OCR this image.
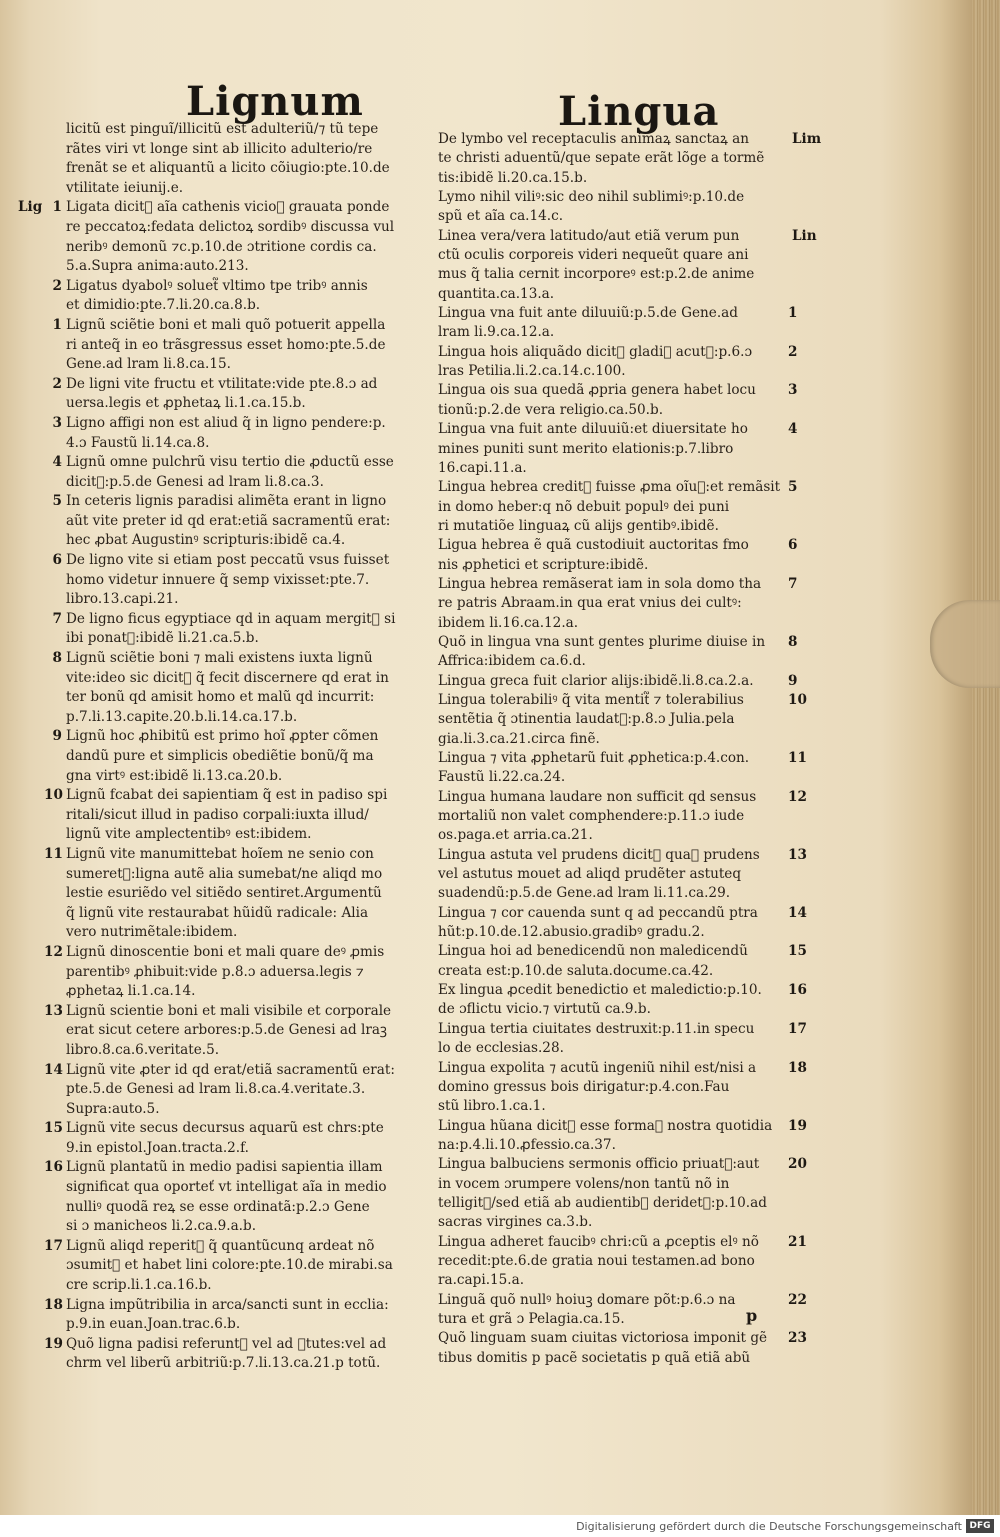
Lignum	Lingua
licitũ est pinguĩ/illicitũ est adulteriũ/⁊ tũ tepe
rãtes viri vt longe sint ab illicito adulterio/re
frenãt se et aliquantũ a licito cõiugio:pte.10.de
vtilitate ieiunij.e.
Lig 1 Ligata dicit᷑ aĩa cathenis vicioꝝ grauata ponde
re peccatoꝝ:fedata delictoꝝ sordibꝰ discussa vul
neribꝰ demonũ ⁊c.p.10.de ɔtritione cordis ca.
5.a.Supra anima:auto.213.
2 Ligatus dyabolꝰ soluet᷑ vltimo tpe tribꝰ annis
et dimidio:pte.7.li.20.ca.8.b.
1 Lignũ sciẽtie boni et mali quõ potuerit appella
ri anteq̃ in eo trãsgressus esset homo:pte.5.de
Gene.ad lram li.8.ca.15.
2 De ligni vite fructu et vtilitate:vide pte.8.ɔ ad
uersa.legis et ꝓphetaꝝ li.1.ca.15.b.
3 Ligno affigi non est aliud q̃ in ligno pendere:p.
4.ɔ Faustũ li.14.ca.8.
4 Lignũ omne pulchrũ visu tertio die ꝓductũ esse
dicit᷑:p.5.de Genesi ad lram li.8.ca.3.
5 In ceteris lignis paradisi alimẽta erant in ligno
aũt vite preter id qd erat:etiã sacramentũ erat:
hec ꝓbat Augustinꝰ scripturis:ibidẽ ca.4.
6 De ligno vite si etiam post peccatũ vsus fuisset
homo videtur innuere q̃ semp vixisset:pte.7.
libro.13.capi.21.
7 De ligno ficus egyptiace qd in aquam mergit᷑ si
ibi ponat᷑:ibidẽ li.21.ca.5.b.
8 Lignũ sciẽtie boni ⁊ mali existens iuxta lignũ
vite:ideo sic dicit᷑ q̃ fecit discernere qd erat in
ter bonũ qd amisit homo et malũ qd incurrit:
p.7.li.13.capite.20.b.li.14.ca.17.b.
9 Lignũ hoc ꝓhibitũ est primo hoĩ ꝓpter cõmen
dandũ pure et simplicis obediẽtie bonũ/q̃ ma
gna virtꝰ est:ibidẽ li.13.ca.20.b.
10 Lignũ fcabat dei sapientiam q̃ est in padiso spi
ritali/sicut illud in padiso corpali:iuxta illud/
lignũ vite amplectentibꝰ est:ibidem.
11 Lignũ vite manumittebat hoĩem ne senio con
sumeret᷑:ligna autẽ alia sumebat/ne aliqd mo
lestie esuriẽdo vel sitiẽdo sentiret.Argumentũ
q̃ lignũ vite restaurabat hũidũ radicale: Alia
vero nutrimẽtale:ibidem.
12 Lignũ dinoscentie boni et mali quare deꝰ ꝓmis
parentibꝰ ꝓhibuit:vide p.8.ɔ aduersa.legis ⁊
ꝓphetaꝝ li.1.ca.14.
13 Lignũ scientie boni et mali visibile et corporale
erat sicut cetere arbores:p.5.de Genesi ad lraꝫ
libro.8.ca.6.veritate.5.
14 Lignũ vite ꝓter id qd erat/etiã sacramentũ erat:
pte.5.de Genesi ad lram li.8.ca.4.veritate.3.
Supra:auto.5.
15 Lignũ vite secus decursus aquarũ est chrs:pte
9.in epistol.Joan.tracta.2.f.
16 Lignũ plantatũ in medio padisi sapientia illam
significat qua oporteť vt intelligat aĩa in medio
nulliꝰ quodã reꝝ se esse ordinatã:p.2.ɔ Gene
si ɔ manicheos li.2.ca.9.a.b.
17 Lignũ aliqd reperit᷑ q̃ quantũcunq ardeat nõ
ɔsumit᷑ et habet lini colore:pte.10.de mirabi.sa
cre scrip.li.1.ca.16.b.
18 Ligna impũtribilia in arca/sancti sunt in ecclia:
p.9.in euan.Joan.trac.6.b.
19 Quõ ligna padisi referunt᷑ vel ad ꝟtutes:vel ad
chrm vel liberũ arbitriũ:p.7.li.13.ca.21.p totũ.
Lim
De lymbo vel receptaculis animaꝝ sanctaꝝ an
te christi aduentũ/que sepate erãt lõge a tormẽ
tis:ibidẽ li.20.ca.15.b.
Lymo nihil viliꝰ:sic deo nihil sublimiꝰ:p.10.de
spũ et aĩa ca.14.c.
Lin
Linea vera/vera latitudo/aut etiã verum pun
ctũ oculis corporeis videri nequeũt quare ani
mus q̃ talia cernit incorporeꝰ est:p.2.de anime
quantita.ca.13.a.
1
Lingua vna fuit ante diluuiũ:p.5.de Gene.ad
lram li.9.ca.12.a.
2
Lingua hois aliquãdo dicit᷑ gladiꝰ acutꝰ:p.6.ɔ
lras Petilia.li.2.ca.14.c.100.
3
Lingua ois sua quedã ꝓpria genera habet locu
tionũ:p.2.de vera religio.ca.50.b.
4
Lingua vna fuit ante diluuiũ:et diuersitate ho
mines puniti sunt merito elationis:p.7.libro
16.capi.11.a.
5
Lingua hebrea credit᷑ fuisse ꝓma oĩuꝫ:et remãsit
in domo heber:q nõ debuit populꝰ dei puni
ri mutatiõe linguaꝝ cũ alijs gentibꝰ.ibidẽ.
6
Ligua hebrea ẽ quã custodiuit auctoritas fmo
nis ꝓphetici et scripture:ibidẽ.
7
Lingua hebrea remãserat iam in sola domo tha
re patris Abraam.in qua erat vnius dei cultꝰ:
ibidem li.16.ca.12.a.
8
Quõ in lingua vna sunt gentes plurime diuise in
Affrica:ibidem ca.6.d.
9
Lingua greca fuit clarior alijs:ibidẽ.li.8.ca.2.a.
10
Lingua tolerabiliꝰ q̃ vita mentit᷑ ⁊ tolerabilius
sentẽtia q̃ ɔtinentia laudat᷑:p.8.ɔ Julia.pela
gia.li.3.ca.21.circa finẽ.
11
Lingua ⁊ vita ꝓphetarũ fuit ꝓphetica:p.4.con.
Faustũ li.22.ca.24.
12
Lingua humana laudare non sufficit qd sensus
mortaliũ non valet comphendere:p.11.ɔ iude
os.paga.et arria.ca.21.
13
Lingua astuta vel prudens dicit᷑ quaꝫ prudens
vel astutus mouet ad aliqd prudẽter astuteq
suadendũ:p.5.de Gene.ad lram li.11.ca.29.
14
Lingua ⁊ cor cauenda sunt q ad peccandũ ptra
hũt:p.10.de.12.abusio.gradibꝰ gradu.2.
15
Lingua hoi ad benedicendũ non maledicendũ
creata est:p.10.de saluta.docume.ca.42.
16
Ex lingua ꝓcedit benedictio et maledictio:p.10.
de ɔflictu vicio.⁊ virtutũ ca.9.b.
17
Lingua tertia ciuitates destruxit:p.11.in specu
lo de ecclesias.28.
18
Lingua expolita ⁊ acutũ ingeniũ nihil est/nisi a
domino gressus bois dirigatur:p.4.con.Fau
stũ libro.1.ca.1.
19
Lingua hũana dicit᷑ esse formaꝝ nostra quotidia
na:p.4.li.10.ꝓfessio.ca.37.
20
Lingua balbuciens sermonis officio priuat᷑:aut
in vocem ɔrumpere volens/non tantũ nõ in
telligit᷑/sed etiã ab audientibꝰ deridet᷑:p.10.ad
sacras virgines ca.3.b.
21
Lingua adheret faucibꝰ chri:cũ a ꝓceptis elꝰ nõ
recedit:pte.6.de gratia noui testamen.ad bono
ra.capi.15.a.
22
Linguã quõ nullꝰ hoiuꝫ domare põt:p.6.ɔ na
tura et grã ɔ Pelagia.ca.15.
23
Quõ linguam suam ciuitas victoriosa imponit gẽ
tibus domitis p pacẽ societatis p quã etiã abũ
p
Digitalisierung gefördert durch die Deutsche Forschungsgemeinschaft DFG
